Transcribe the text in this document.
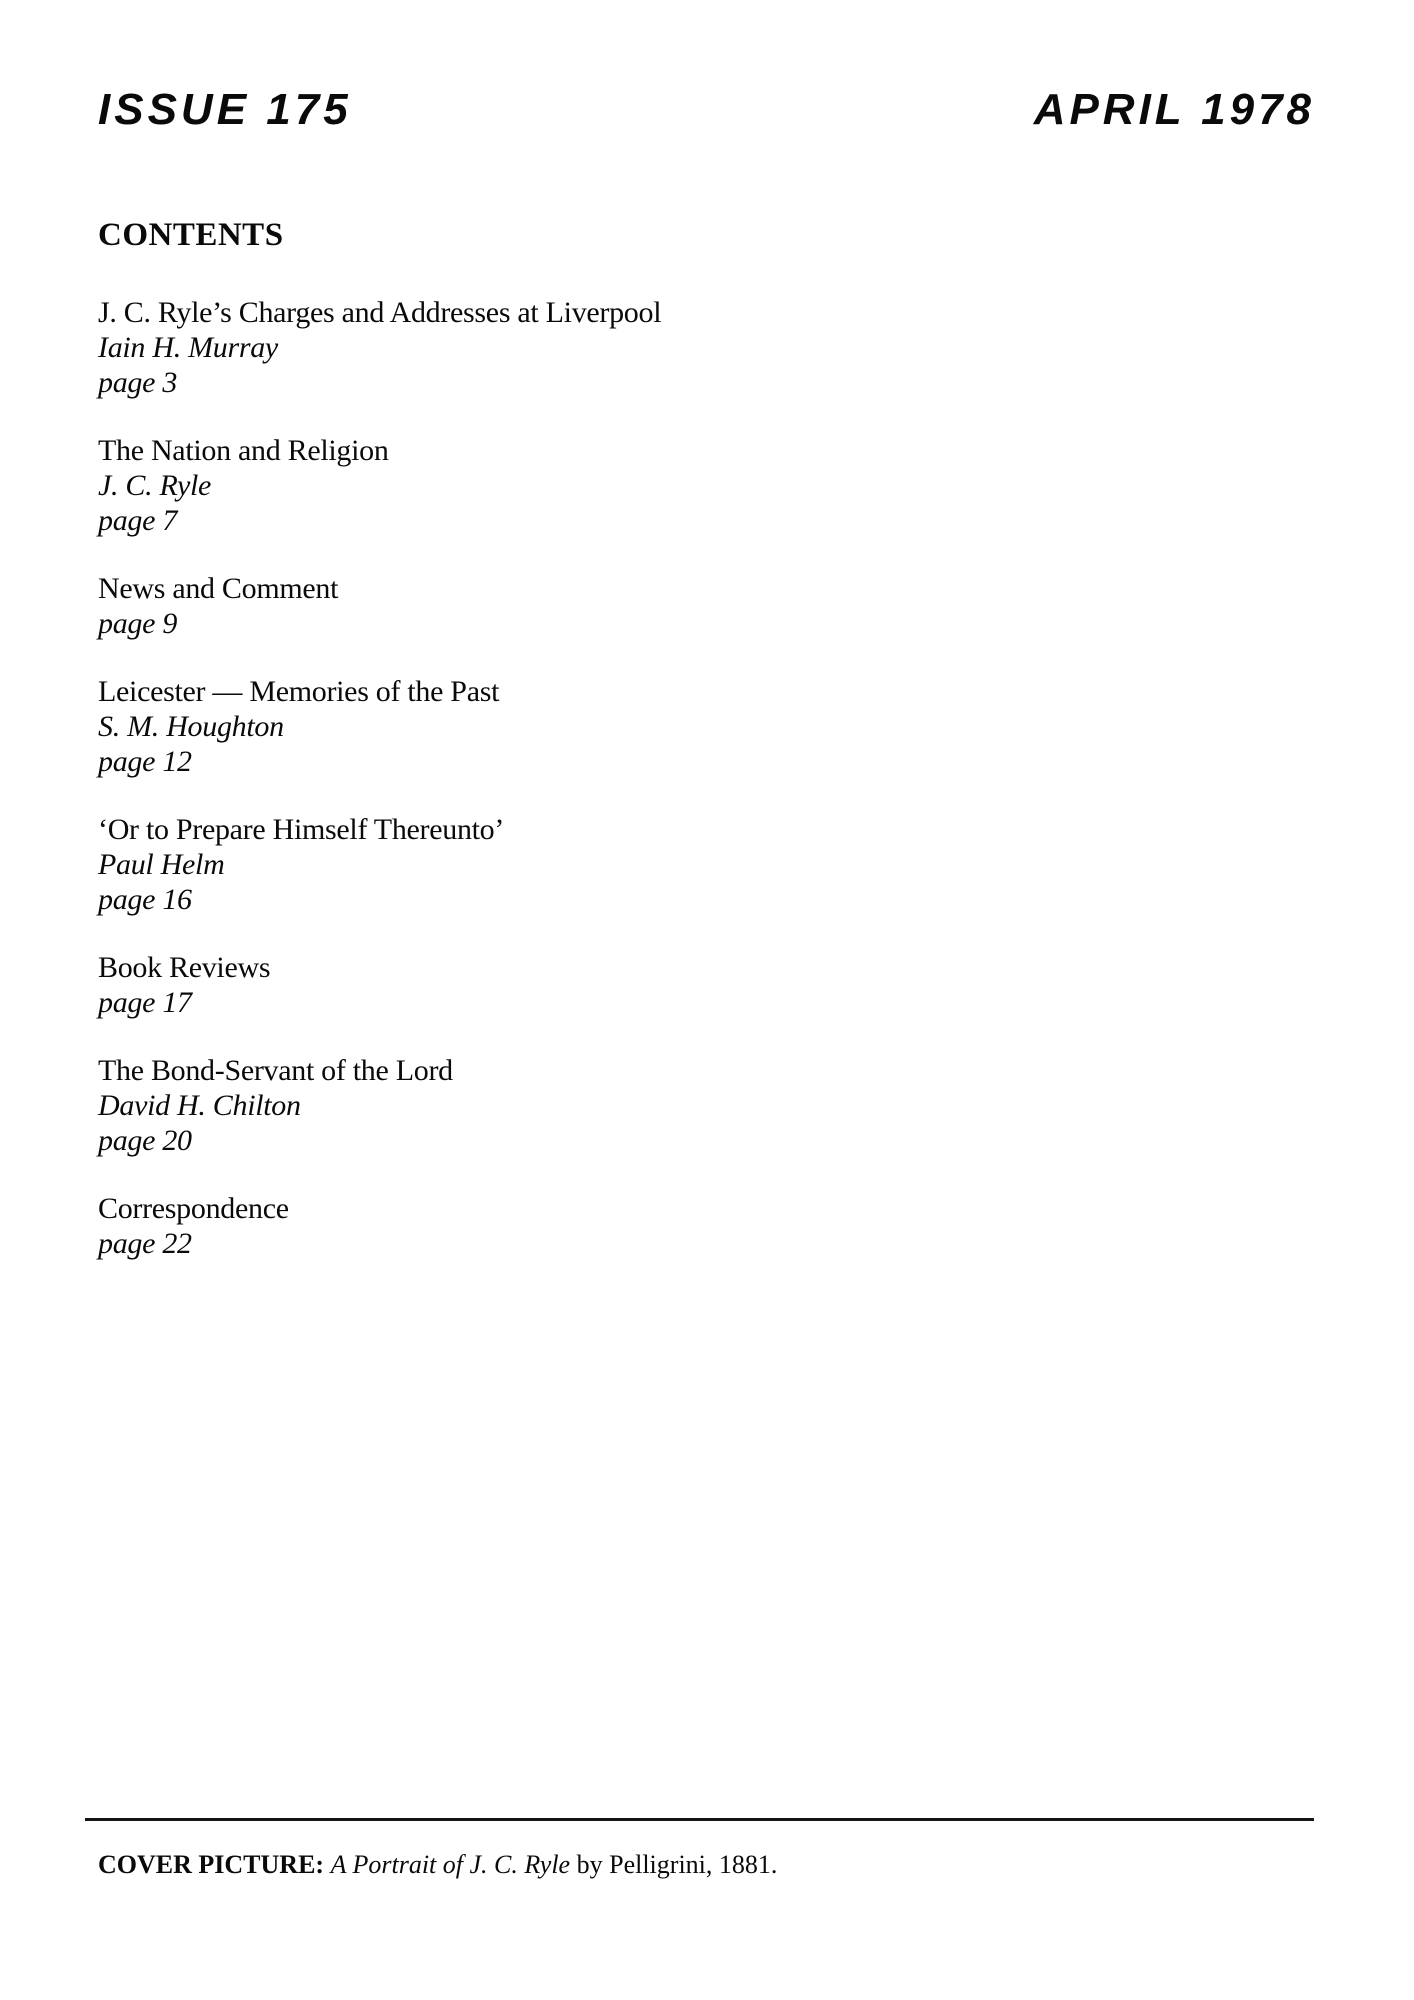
ISSUE 175	APRIL 1978
CONTENTS
J. C. Ryle’s Charges and Addresses at Liverpool
Iain H. Murray
page 3
The Nation and Religion
J. C. Ryle
page 7
News and Comment
page 9
Leicester — Memories of the Past
S. M. Houghton
page 12
‘Or to Prepare Himself Thereunto’
Paul Helm
page 16
Book Reviews
page 17
The Bond-Servant of the Lord
David H. Chilton
page 20
Correspondence
page 22

COVER PICTURE: A Portrait of J. C. Ryle by Pelligrini, 1881.
